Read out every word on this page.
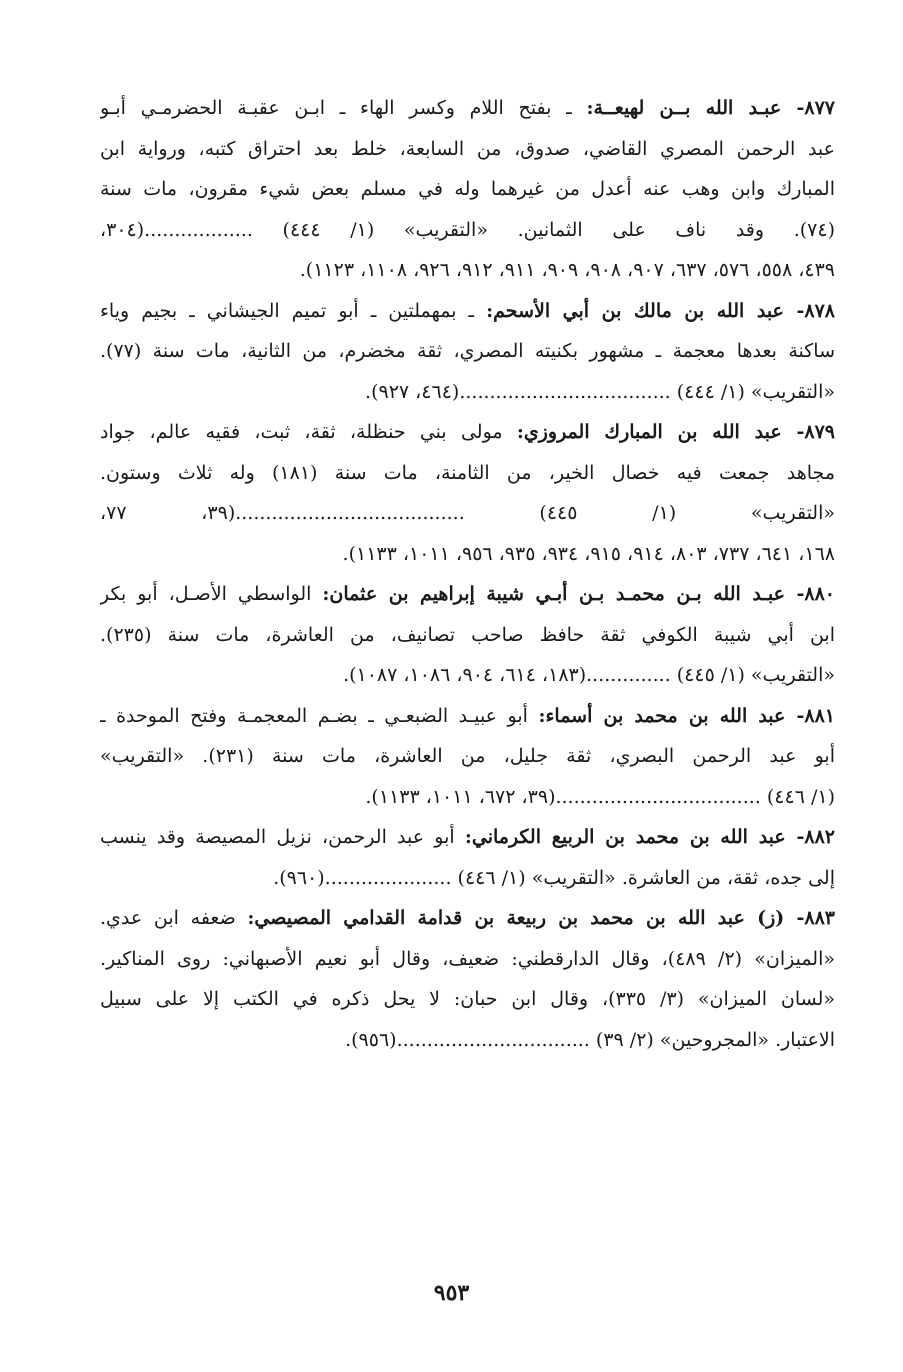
٨٧٧- عبـد الله بــن لهيعــة: ـ بفتح اللام وكسر الهاء ـ ابـن عقبـة الحضرمـي أبـو
عبد الرحمن المصري القاضي، صدوق، من السابعة، خلط بعد احتراق كتبه، ورواية ابن
المبارك وابن وهب عنه أعدل من غيرهما وله في مسلم بعض شيء مقرون، مات سنة
(٧٤). وقد ناف على الثمانين. «التقريب» (١/ ٤٤٤) ..................(٣٠٤،
٤٣٩، ٥٥٨، ٥٧٦، ٦٣٧، ٩٠٧، ٩٠٨، ٩٠٩، ٩١١، ٩١٢، ٩٢٦، ١١٠٨، ١١٢٣).
٨٧٨- عبد الله بن مالك بن أبي الأسحم: ـ بمهملتين ـ أبو تميم الجيشاني ـ بجيم وياء
ساكنة بعدها معجمة ـ مشهور بكنيته المصري، ثقة مخضرم، من الثانية، مات سنة (٧٧).
«التقريب» (١/ ٤٤٤) ...................................(٤٦٤، ٩٢٧).
٨٧٩- عبد الله بن المبارك المروزي: مولى بني حنظلة، ثقة، ثبت، فقيه عالم، جواد
مجاهد جمعت فيه خصال الخير، من الثامنة، مات سنة (١٨١) وله ثلاث وستون.
«التقريب» (١/ ٤٤٥) ......................................(٣٩، ٧٧،
١٦٨، ٦٤١، ٧٣٧، ٨٠٣، ٩١٤، ٩١٥، ٩٣٤، ٩٣٥، ٩٥٦، ١٠١١، ١١٣٣).
٨٨٠- عبـد الله بـن محمـد بـن أبـي شيبة إبراهيم بن عثمان: الواسطي الأصـل، أبو بكر
ابن أبي شيبة الكوفي ثقة حافظ صاحب تصانيف، من العاشرة، مات سنة (٢٣٥).
«التقريب» (١/ ٤٤٥) ..............(١٨٣، ٦١٤، ٩٠٤، ١٠٨٦، ١٠٨٧).
٨٨١- عبد الله بن محمد بن أسماء: أبو عبيـد الضبعـي ـ بضـم المعجمـة وفتح الموحدة ـ
أبو عبد الرحمن البصري، ثقة جليل، من العاشرة، مات سنة (٢٣١). «التقريب»
(١/ ٤٤٦) ..................................(٣٩، ٦٧٢، ١٠١١، ١١٣٣).
٨٨٢- عبد الله بن محمد بن الربيع الكرماني: أبو عبد الرحمن، نزيل المصيصة وقد ينسب
إلى جده، ثقة، من العاشرة. «التقريب» (١/ ٤٤٦) .....................(٩٦٠).
٨٨٣- (ز) عبد الله بن محمد بن ربيعة بن قدامة القدامي المصيصي: ضعفه ابن عدي.
«الميزان» (٢/ ٤٨٩)، وقال الدارقطني: ضعيف، وقال أبو نعيم الأصبهاني: روى المناكير.
«لسان الميزان» (٣/ ٣٣٥)، وقال ابن حبان: لا يحل ذكره في الكتب إلا على سبيل
الاعتبار. «المجروحين» (٢/ ٣٩) ................................(٩٥٦).
٩٥٣
